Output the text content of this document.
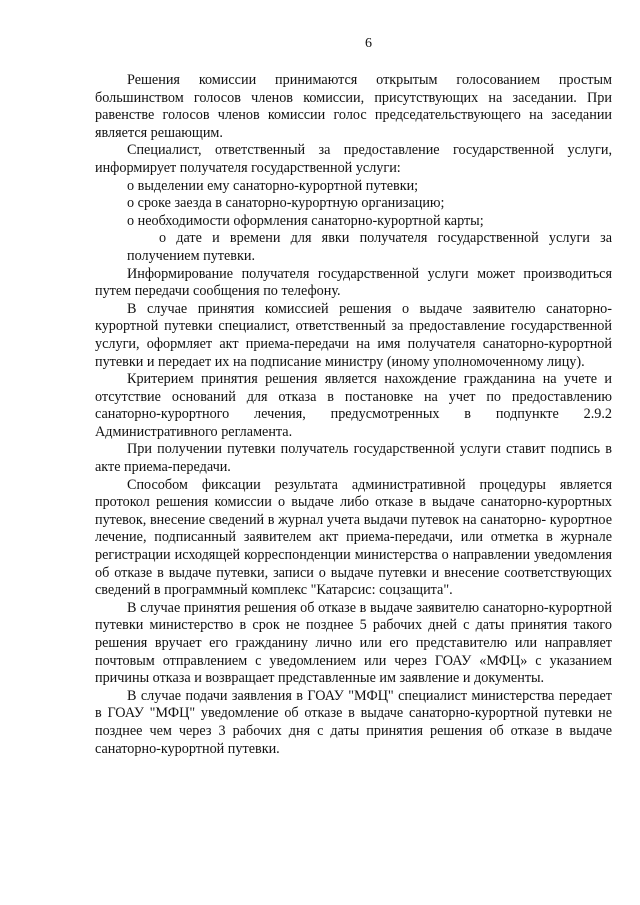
6

Решения комиссии принимаются открытым голосованием простым большинством голосов членов комиссии, присутствующих на заседании. При равенстве голосов членов комиссии голос председательствующего на заседании является решающим.

Специалист, ответственный за предоставление государственной услуги, информирует получателя государственной услуги:

о выделении ему санаторно-курортной путевки;

о сроке заезда в санаторно-курортную организацию;

о необходимости оформления санаторно-курортной карты;

о дате и времени для явки получателя государственной услуги за получением путевки.

Информирование получателя государственной услуги может производиться путем передачи сообщения по телефону.

В случае принятия комиссией решения о выдаче заявителю санаторно-курортной путевки специалист, ответственный за предоставление государственной услуги, оформляет акт приема-передачи на имя получателя санаторно-курортной путевки и передает их на подписание министру (иному уполномоченному лицу).

Критерием принятия решения является нахождение гражданина на учете и отсутствие оснований для отказа в постановке на учет по предоставлению санаторно-курортного лечения, предусмотренных в подпункте 2.9.2 Административного регламента.

При получении путевки получатель государственной услуги ставит подпись в акте приема-передачи.

Способом фиксации результата административной процедуры является протокол решения комиссии о выдаче либо отказе в выдаче санаторно-курортных путевок, внесение сведений в журнал учета выдачи путевок на санаторно- курортное лечение, подписанный заявителем акт приема-передачи, или отметка в журнале регистрации исходящей корреспонденции министерства о направлении уведомления об отказе в выдаче путевки, записи о выдаче путевки и внесение соответствующих сведений в программный комплекс "Катарсис: соцзащита".

В случае принятия решения об отказе в выдаче заявителю санаторно-курортной путевки министерство в срок не позднее 5 рабочих дней с даты принятия такого решения вручает его гражданину лично или его представителю или направляет почтовым отправлением с уведомлением или через ГОАУ «МФЦ» с указанием причины отказа и возвращает представленные им заявление и документы.

В случае подачи заявления в ГОАУ "МФЦ" специалист министерства передает в ГОАУ "МФЦ" уведомление об отказе в выдаче санаторно-курортной путевки не позднее чем через 3 рабочих дня с даты принятия решения об отказе в выдаче санаторно-курортной путевки.
